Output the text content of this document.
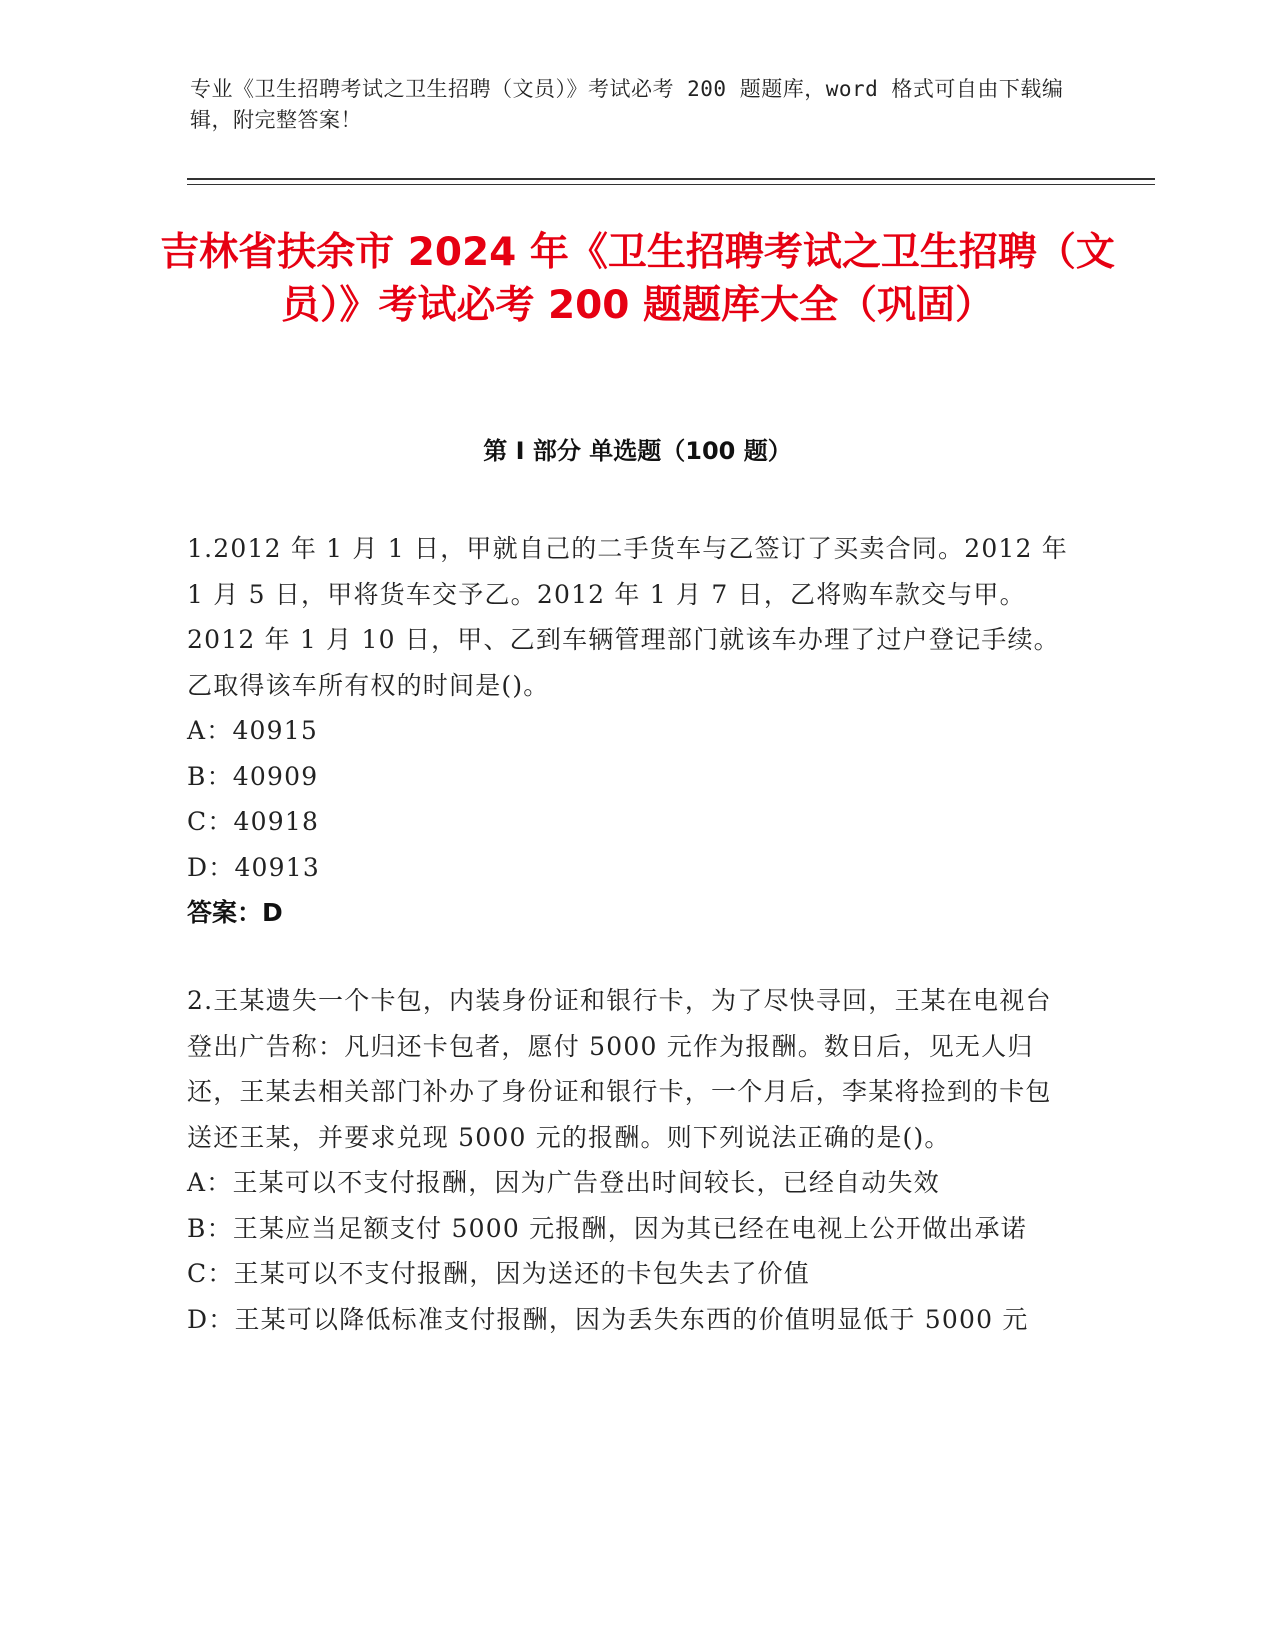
专业《卫生招聘考试之卫生招聘（文员）》考试必考 200 题题库，word 格式可自由下载编辑，附完整答案！
吉林省扶余市 2024 年《卫生招聘考试之卫生招聘（文员）》考试必考 200 题题库大全（巩固）
第 I 部分 单选题（100 题）

1.2012 年 1 月 1 日，甲就自己的二手货车与乙签订了买卖合同。2012 年 1 月 5 日，甲将货车交予乙。2012 年 1 月 7 日，乙将购车款交与甲。2012 年 1 月 10 日，甲、乙到车辆管理部门就该车办理了过户登记手续。乙取得该车所有权的时间是()。

A：40915

B：40909

C：40918

D：40913

答案：D

2.王某遗失一个卡包，内装身份证和银行卡，为了尽快寻回，王某在电视台登出广告称：凡归还卡包者，愿付 5000 元作为报酬。数日后，见无人归还，王某去相关部门补办了身份证和银行卡，一个月后，李某将捡到的卡包送还王某，并要求兑现 5000 元的报酬。则下列说法正确的是()。

A：王某可以不支付报酬，因为广告登出时间较长，已经自动失效

B：王某应当足额支付 5000 元报酬，因为其已经在电视上公开做出承诺

C：王某可以不支付报酬，因为送还的卡包失去了价值

D：王某可以降低标准支付报酬，因为丢失东西的价值明显低于 5000 元
